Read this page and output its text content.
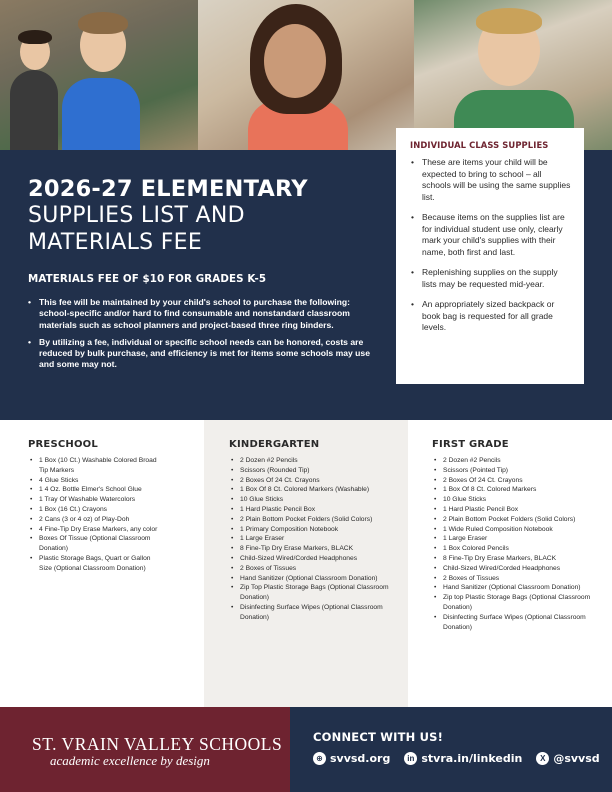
2026-27 ELEMENTARY
SUPPLIES LIST AND
MATERIALS FEE
MATERIALS FEE OF $10 FOR GRADES K-5
• This fee will be maintained by your child's school to purchase the following: school-specific and/or hard to find consumable and nonstandard classroom materials such as school planners and project-based three ring binders.
• By utilizing a fee, individual or specific school needs can be honored, costs are reduced by bulk purchase, and efficiency is met for items some schools may use and some may not.
INDIVIDUAL CLASS SUPPLIES
• These are items your child will be expected to bring to school – all schools will be using the same supplies list.
• Because items on the supplies list are for individual student use only, clearly mark your child's supplies with their name, both first and last.
• Replenishing supplies on the supply lists may be requested mid-year.
• An appropriately sized backpack or book bag is requested for all grade levels.
PRESCHOOL
• 1 Box (10 Ct.) Washable Colored Broad Tip Markers
• 4 Glue Sticks
• 1 4 Oz. Bottle Elmer's School Glue
• 1 Tray Of Washable Watercolors
• 1 Box (16 Ct.) Crayons
• 2 Cans (3 or 4 oz) of Play-Doh
• 4 Fine-Tip Dry Erase Markers, any color
• Boxes Of Tissue (Optional Classroom Donation)
• Plastic Storage Bags, Quart or Gallon Size (Optional Classroom Donation)
KINDERGARTEN
• 2 Dozen #2 Pencils
• Scissors (Rounded Tip)
• 2 Boxes Of 24 Ct. Crayons
• 1 Box Of 8 Ct. Colored Markers (Washable)
• 10 Glue Sticks
• 1 Hard Plastic Pencil Box
• 2 Plain Bottom Pocket Folders (Solid Colors)
• 1 Primary Composition Notebook
• 1 Large Eraser
• 8 Fine-Tip Dry Erase Markers, BLACK
• Child-Sized Wired/Corded Headphones
• 2 Boxes of Tissues
• Hand Sanitizer (Optional Classroom Donation)
• Zip Top Plastic Storage Bags (Optional Classroom Donation)
• Disinfecting Surface Wipes (Optional Classroom Donation)
FIRST GRADE
• 2 Dozen #2 Pencils
• Scissors (Pointed Tip)
• 2 Boxes Of 24 Ct. Crayons
• 1 Box Of 8 Ct. Colored Markers
• 10 Glue Sticks
• 1 Hard Plastic Pencil Box
• 2 Plain Bottom Pocket Folders (Solid Colors)
• 1 Wide Ruled Composition Notebook
• 1 Large Eraser
• 1 Box Colored Pencils
• 8 Fine-Tip Dry Erase Markers, BLACK
• Child-Sized Wired/Corded Headphones
• 2 Boxes of Tissues
• Hand Sanitizer (Optional Classroom Donation)
• Zip top Plastic Storage Bags (Optional Classroom Donation)
• Disinfecting Surface Wipes (Optional Classroom Donation)
ST. VRAIN VALLEY SCHOOLS
academic excellence by design
CONNECT WITH US!
⊕ svvsd.org	in stvra.in/linkedin	X @svvsd
